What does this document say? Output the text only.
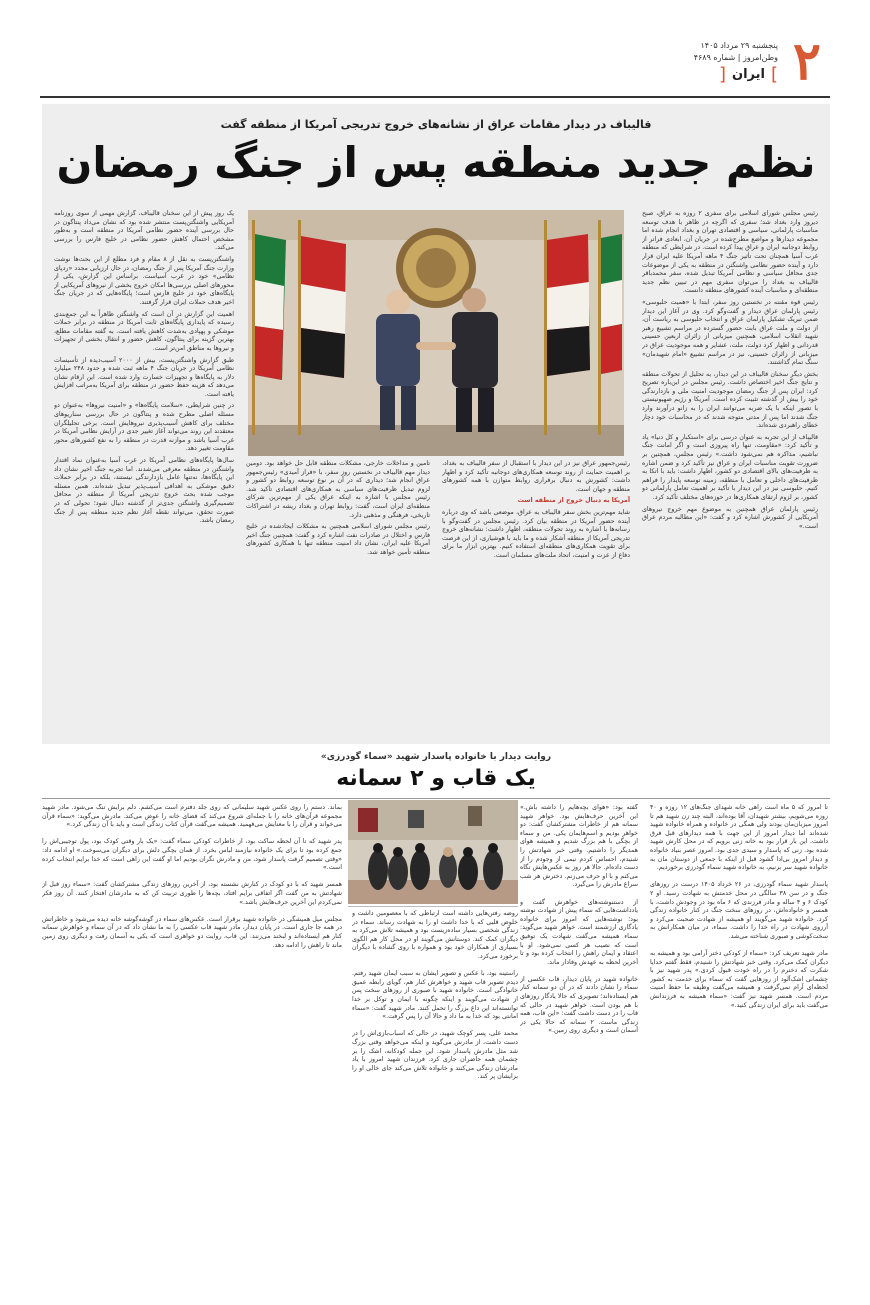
۲
پنجشنبه ۲۹ مرداد ۱۴۰۵
وطن‌امروز | شماره ۴۶۸۹
]
ایران
[
قالیباف در دیدار مقامات عراق از نشانه‌های خروج تدریجی آمریکا از منطقه گفت
نظم جدید منطقه پس از جنگ رمضان

رئیس مجلس شورای اسلامی برای سفری ۲ روزه به عراق، صبح دیروز وارد بغداد شد؛ سفری که اگرچه در ظاهر با هدف توسعه مناسبات پارلمانی، سیاسی و اقتصادی تهران و بغداد انجام شده اما مجموعه دیدارها و مواضع مطرح‌شده در جریان آن، ابعادی فراتر از روابط دوجانبه ایران و عراق پیدا کرده است. در شرایطی که منطقه غرب آسیا همچنان تحت تأثیر جنگ ۴ ماهه آمریکا علیه ایران قرار دارد و آینده حضور نظامی واشنگتن در منطقه به یکی از موضوعات جدی محافل سیاسی و نظامی آمریکا تبدیل شده، سفر محمدباقر قالیباف به بغداد را می‌توان سفری مهم در تبیین نظم جدید منطقه‌ای و مناسبات آینده کشورهای منطقه دانست.

رئیس قوه مقننه در نخستین روز سفر، ابتدا با «همیت حلبوسی» رئیس پارلمان عراق دیدار و گفت‌وگو کرد. وی در آغاز این دیدار ضمن تبریک تشکیل پارلمان عراق و انتخاب حلبوسی به ریاست آن، از دولت و ملت عراق بابت حضور گسترده در مراسم تشییع رهبر شهید انقلاب اسلامی، همچنین میزبانی از زائران اربعین حسینی قدردانی و اظهار کرد دولت، ملت، عشایر و همه موجودیت عراق در میزبانی از زائران حسینی، نیز در مراسم تشییع «امام شهیدمان» سنگ تمام گذاشتند.

بخش دیگر سخنان قالیباف در این دیدار، به تحلیل از تحولات منطقه و نتایج جنگ اخیر اختصاص داشت. رئیس مجلس در این‌باره تصریح کرد: ایران پس از جنگ رمضان موجودیت امنیت ملی و بازدارندگی خود را بیش از گذشته تثبیت کرده است. آمریکا و رژیم صهیونیستی با تصور اینکه با یک ضربه می‌توانند ایران را به زانو درآورند وارد جنگ شدند اما پس از مدتی متوجه شدند که در محاسبات خود دچار خطای راهبردی شده‌اند.

قالیباف از این تجربه به عنوان درسی برای «استکبار و کل دنیا» یاد و تأکید کرد: «مقاومت، تنها راه پیروزی است و اگر امانت جنگ نباشیم، مذاکره هم نمی‌شود داشت.» رئیس مجلس، همچنین بر ضرورت تقویت مناسبات ایران و عراق نیز تأکید کرد و ضمن اشاره به ظرفیت‌های بالای اقتصادی دو کشور، اظهار داشت: باید با اتکا به ظرفیت‌های داخلی و تعامل با منطقه، زمینه توسعه پایدار را فراهم کنیم. حلبوسی نیز در این دیدار با تأکید بر اهمیت تعامل پارلمانی دو کشور، بر لزوم ارتقای همکاری‌ها در حوزه‌های مختلف تأکید کرد.

رئیس پارلمان عراق همچنین به موضوع مهم خروج نیروهای آمریکایی از کشورش اشاره کرد و گفت: «این مطالبه مردم عراق است.»

تامین و مداخلات خارجی، مشکلات منطقه قابل حل خواهد بود. دومین دیدار مهم قالیباف در نخستین روز سفر، با «فراز آمیدی» رئیس‌جمهور عراق انجام شد؛ دیداری که در آن بر نوع توسعه روابط دو کشور و لزوم تبدیل ظرفیت‌های سیاسی به همکاری‌های اقتصادی تأکید شد. رئیس مجلس با اشاره به اینکه عراق یکی از مهم‌ترین شرکای منطقه‌ای ایران است، گفت: روابط تهران و بغداد ریشه در اشتراکات تاریخی، فرهنگی و مذهبی دارد.

رئیس مجلس شورای اسلامی همچنین به مشکلات ایجادشده در خلیج فارس و اختلال در صادرات نفت اشاره کرد و گفت: همچنین جنگ اخیر آمریکا علیه ایران، نشان داد امنیت منطقه تنها با همکاری کشورهای منطقه تأمین خواهد شد.

رئیس‌جمهور عراق نیز در این دیدار با استقبال از سفر قالیباف به بغداد، بر اهمیت حمایت از روند توسعه همکاری‌های دوجانبه تأکید کرد و اظهار داشت: کشورش به دنبال برقراری روابط متوازن با همه کشورهای منطقه و جهان است.

آمریکا به دنبال خروج از منطقه است

شاید مهم‌ترین بخش سفر قالیباف به عراق، موضعی باشد که وی درباره آینده حضور آمریکا در منطقه بیان کرد. رئیس مجلس در گفت‌وگو با رسانه‌ها با اشاره به روند تحولات منطقه، اظهار داشت: نشانه‌های خروج تدریجی آمریکا از منطقه آشکار شده و ما باید با هوشیاری، از این فرصت برای تقویت همکاری‌های منطقه‌ای استفاده کنیم. بهترین ابزار ما برای دفاع از عزت و امنیت، اتحاد ملت‌های مسلمان است.

یک روز پیش از این سخنان قالیباف، گزارش مهمی از سوی روزنامه آمریکایی واشنگتن‌پست منتشر شده بود که نشان می‌داد پنتاگون در حال بررسی آینده حضور نظامی آمریکا در منطقه است و به‌طور مشخص احتمال کاهش حضور نظامی در خلیج فارس را بررسی می‌کند.

واشنگتن‌پست به نقل از ۸ مقام و فرد مطلع از این بحث‌ها نوشت وزارت جنگ آمریکا پس از جنگ رمضان، در حال ارزیابی مجدد «ردپای نظامی» خود در غرب آسیاست. براساس این گزارش، یکی از محورهای اصلی بررسی‌ها امکان خروج بخشی از نیروهای آمریکایی از پایگاه‌های خود در خلیج فارس است؛ پایگاه‌هایی که در جریان جنگ اخیر هدف حملات ایران قرار گرفتند.

اهمیت این گزارش در آن است که واشنگتن ظاهراً به این جمع‌بندی رسیده که پایداری پایگاه‌های ثابت آمریکا در منطقه در برابر حملات موشکی و پهپادی به‌شدت کاهش یافته است. به گفته مقامات مطلع، بهترین گزینه برای پنتاگون، کاهش حضور و انتقال بخشی از تجهیزات و نیروها به مناطق امن‌تر است.

طبق گزارش واشنگتن‌پست، بیش از ۲۰۰۰ آسیب‌دیده از تأسیسات نظامی آمریکا در جریان جنگ ۴ ماهه ثبت شده و حدود ۲۴۸ میلیارد دلار به پایگاه‌ها و تجهیزات خسارت وارد شده است. این ارقام نشان می‌دهد که هزینه حفظ حضور در منطقه برای آمریکا به‌مراتب افزایش یافته است.

در چنین شرایطی، «سلامت پایگاه‌ها» و «امنیت نیروها» به‌عنوان دو مسئله اصلی مطرح شده و پنتاگون در حال بررسی سناریوهای مختلف برای کاهش آسیب‌پذیری نیروهایش است. برخی تحلیلگران معتقدند این روند می‌تواند آغاز تغییر جدی در آرایش نظامی آمریکا در غرب آسیا باشد و موازنه قدرت در منطقه را به نفع کشورهای محور مقاومت تغییر دهد.

سال‌ها پایگاه‌های نظامی آمریکا در غرب آسیا به‌عنوان نماد اقتدار واشنگتن در منطقه معرفی می‌شدند. اما تجربه جنگ اخیر نشان داد این پایگاه‌ها، نه‌تنها عامل بازدارندگی نیستند، بلکه در برابر حملات دقیق موشکی به اهدافی آسیب‌پذیر تبدیل شده‌اند. همین مسئله موجب شده بحث خروج تدریجی آمریکا از منطقه در محافل تصمیم‌گیری واشنگتن جدی‌تر از گذشته دنبال شود؛ تحولی که در صورت تحقق، می‌تواند نقطه آغاز نظم جدید منطقه پس از جنگ رمضان باشد.

روایت دیدار با خانواده پاسدار شهید «سماء گودرزی»
یک قاب و ۲ سمانه

تا امروز که ۵ ماه است راهی خانه شهدای جنگ‌های ۱۲ روزه و ۴۰ روزه می‌شویم، بیشتر شهیدان، آقا بوده‌اند، البته چند زن شهید هم تا امروز میزبان‌مان بودند ولی همگی در خانواده و همراه خانواده شهید شده‌اند اما دیدار امروز از این جهت با همه دیدارهای قبل فرق داشت. این بار قرار بود به خانه زنی برویم که در محل کارش شهید شده بود. زنی که پاسدار و سیدی جدی بود. امروز عصر بنیاد خانواده و دیدار امروز بی‌ادا گشود قبل از اینکه با جمعی از دوستان مان به خانواده شهید سر بزنیم، به خانواده شهید سماء گودرزی برخوردیم.

پاسدار شهید سماء گودرزی، در ۲۶ خرداد ۱۴۰۵ درست در روزهای جنگ و در سن ۳۸ سالگی در محل خدمتش به شهادت رسید. او ۲ کودک ۶ و ۴ ساله و مادر فرزندی که ۶ ماه بود در وجودش داشت، با همسر و خانواده‌اش، در روزهای سخت جنگ در کنار خانواده زندگی کرد. خانواده شهید می‌گویند او همیشه از شهادت صحبت می‌کرد و آرزوی شهادت در راه خدا را داشت. سماء، در میان همکارانش به سخت‌کوشی و صبوری شناخته می‌شد.

مادر شهید تعریف کرد: «سماء از کودکی دختر آرامی بود و همیشه به دیگران کمک می‌کرد. وقتی خبر شهادتش را شنیدم، فقط گفتم خدایا شکرت که دخترم را در راه خودت قبول کردی.» پدر شهید نیز با چشمانی اشک‌آلود از روزهایی گفت که سماء برای خدمت به کشور لحظه‌ای آرام نمی‌گرفت و همیشه می‌گفت وظیفه ما حفظ امنیت مردم است. همسر شهید نیز گفت: «سماء همیشه به فرزندانش می‌گفت باید برای ایران زندگی کنید.»

گفته بود: «هوای بچه‌هایم را داشته باش.» این آخرین حرف‌هایش بود. خواهر شهید سمانه هم از خاطرات مشترکشان گفت: دو خواهر بودیم و اسم‌هایمان یکی. من و سماء از بچگی با هم بزرگ شدیم و همیشه هوای همدیگر را داشتیم. وقتی خبر شهادتش را شنیدم، احساس کردم نیمی از وجودم را از دست داده‌ام. حالا هر روز به عکس‌هایش نگاه می‌کنم و با او حرف می‌زنم. دخترش هر شب سراغ مادرش را می‌گیرد.

از دستنوشته‌های خواهرش گفت و یادداشت‌هایی که سماء پیش از شهادت نوشته بود؛ نوشته‌هایی که امروز برای خانواده یادگاری ارزشمند است. خواهر شهید می‌گوید: سماء همیشه می‌گفت شهادت یک توفیق است که نصیب هر کسی نمی‌شود. او با اعتقاد و ایمان راهش را انتخاب کرده بود و تا آخرین لحظه به عهدش وفادار ماند.

خانواده شهید در پایان دیدار، قاب عکسی از سماء را نشان دادند که در آن دو سمانه کنار هم ایستاده‌اند؛ تصویری که حالا یادگار روزهای با هم بودن است. خواهر شهید در حالی که قاب را در دست داشت گفت: «این قاب، همه زندگی ماست. ۲ سمانه که حالا یکی در آسمان است و دیگری روی زمین.»

روضه رفتن‌هایی داشته است ارتباطی که با معصومین داشت و خلوص قلبی که با خدا داشت او را به شهادت رساند. سماء در زندگی شخصی بسیار ساده‌زیست بود و همیشه تلاش می‌کرد به دیگران کمک کند. دوستانش می‌گویند او در محل کار هم الگوی بسیاری از همکاران خود بود و همواره با روی گشاده با دیگران برخورد می‌کرد.

راستینه بود، با عکس و تصویر ایشان به سبب ایمان شهید رفتم. دیدم تصویر قاب شهید و خواهرش کنار هم، گویای رابطه عمیق خانوادگی است. خانواده شهید با صبوری از روزهای سخت پس از شهادت می‌گویند و اینکه چگونه با ایمان و توکل بر خدا توانسته‌اند این داغ بزرگ را تحمل کنند. مادر شهید گفت: «سماء امانتی بود که خدا به ما داد و حالا آن را پس گرفت.»

محمد علی، پسر کوچک شهید، در حالی که اسباب‌بازی‌اش را در دست داشت، از مادرش می‌گوید و اینکه می‌خواهد وقتی بزرگ شد مثل مادرش پاسدار شود. این جمله کودکانه، اشک را بر چشمان همه حاضران جاری کرد. فرزندان شهید امروز با یاد مادرشان زندگی می‌کنند و خانواده تلاش می‌کند جای خالی او را برایشان پر کند.

بماند. دستم را روی عکس شهید سلیمانی که روی جلد دفترم است می‌کشم. دلم برایش تنگ می‌شود. مادر شهید مجموعه قرآن‌های خانه را با جمله‌ای شروع می‌کند که فضای خانه را عوض می‌کند. مادرش می‌گوید: «سماء قرآن می‌خواند و قرآن را با معنایش می‌فهمید. همیشه می‌گفت قرآن کتاب زندگی است و باید با آن زندگی کرد.»

پدر شهید که تا آن لحظه ساکت بود، از خاطرات کودکی سماء گفت: «یک بار وقتی کودک بود، پول توجیبی‌اش را جمع کرده بود تا برای یک خانواده نیازمند لباس بخرد. از همان بچگی دلش برای دیگران می‌سوخت.» او ادامه داد: «وقتی تصمیم گرفت پاسدار شود، من و مادرش نگران بودیم اما او گفت این راهی است که خدا برایم انتخاب کرده است.»

همسر شهید که با دو کودک در کنارش نشسته بود، از آخرین روزهای زندگی مشترکشان گفت: «سماء روز قبل از شهادتش به من گفت اگر اتفاقی برایم افتاد، بچه‌ها را طوری تربیت کن که به مادرشان افتخار کنند. آن روز فکر نمی‌کردم این آخرین حرف‌هایش باشد.»

مجلس میل همیشگی در خانواده شهید برقرار است. عکس‌های سماء در گوشه‌گوشه خانه دیده می‌شود و خاطراتش در همه جا جاری است. در پایان دیدار، مادر شهید قاب عکسی را به ما نشان داد که در آن سماء و خواهرش سمانه کنار هم ایستاده‌اند و لبخند می‌زنند. این قاب، روایت دو خواهری است که یکی به آسمان رفت و دیگری روی زمین ماند تا راهش را ادامه دهد.
